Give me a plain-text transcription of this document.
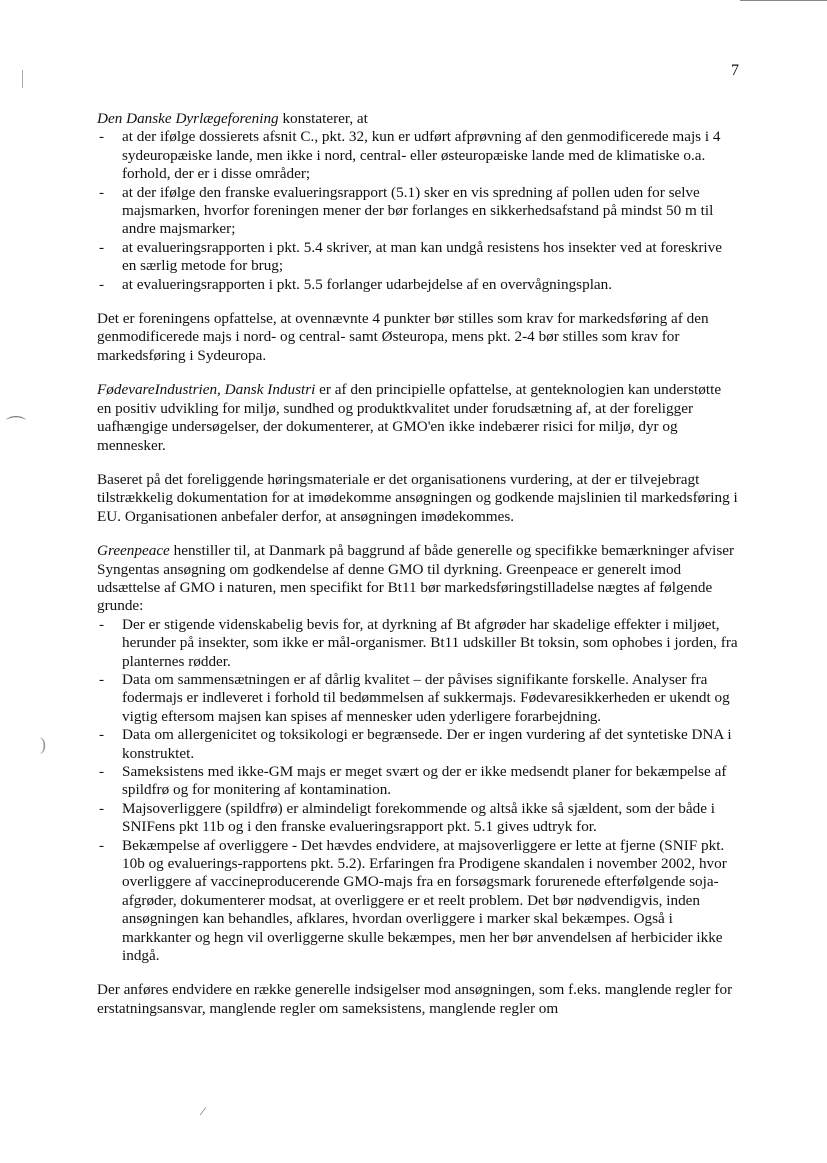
⌒
)
⁄
7

Den Danske Dyrlægeforening konstaterer, at

- at der ifølge dossierets afsnit C., pkt. 32, kun er udført afprøvning af den genmodificerede majs i 4 sydeuropæiske lande, men ikke i nord, central- eller østeuropæiske lande med de klimatiske o.a. forhold, der er i disse områder;
- at der ifølge den franske evalueringsrapport (5.1) sker en vis spredning af pollen uden for selve majsmarken, hvorfor foreningen mener der bør forlanges en sikkerhedsafstand på mindst 50 m til andre majsmarker;
- at evalueringsrapporten i pkt. 5.4 skriver, at man kan undgå resistens hos insekter ved at foreskrive en særlig metode for brug;
- at evalueringsrapporten i pkt. 5.5 forlanger udarbejdelse af en overvågningsplan.

Det er foreningens opfattelse, at ovennævnte 4 punkter bør stilles som krav for markedsføring af den genmodificerede majs i nord- og central- samt Østeuropa, mens pkt. 2-4 bør stilles som krav for markedsføring i Sydeuropa.

FødevareIndustrien, Dansk Industri er af den principielle opfattelse, at genteknologien kan understøtte en positiv udvikling for miljø, sundhed og produktkvalitet under forudsætning af, at der foreligger uafhængige undersøgelser, der dokumenterer, at GMO'en ikke indebærer risici for miljø, dyr og mennesker.

Baseret på det foreliggende høringsmateriale er det organisationens vurdering, at der er tilvejebragt tilstrækkelig dokumentation for at imødekomme ansøgningen og godkende majslinien til markedsføring i EU. Organisationen anbefaler derfor, at ansøgningen imødekommes.

Greenpeace henstiller til, at Danmark på baggrund af både generelle og specifikke bemærkninger afviser Syngentas ansøgning om godkendelse af denne GMO til dyrkning. Greenpeace er generelt imod udsættelse af GMO i naturen, men specifikt for Bt11 bør markedsføringstilladelse nægtes af følgende grunde:

- Der er stigende videnskabelig bevis for, at dyrkning af Bt afgrøder har skadelige effekter i miljøet, herunder på insekter, som ikke er mål-organismer. Bt11 udskiller Bt toksin, som ophobes i jorden, fra planternes rødder.
- Data om sammensætningen er af dårlig kvalitet – der påvises signifikante forskelle. Analyser fra fodermajs er indleveret i forhold til bedømmelsen af sukkermajs. Fødevaresikkerheden er ukendt og vigtig eftersom majsen kan spises af mennesker uden yderligere forarbejdning.
- Data om allergenicitet og toksikologi er begrænsede. Der er ingen vurdering af det syntetiske DNA i konstruktet.
- Sameksistens med ikke-GM majs er meget svært og der er ikke medsendt planer for bekæmpelse af spildfrø og for monitering af kontamination.
- Majsoverliggere (spildfrø) er almindeligt forekommende og altså ikke så sjældent, som der både i SNIFens pkt 11b og i den franske evalueringsrapport pkt. 5.1 gives udtryk for.
- Bekæmpelse af overliggere - Det hævdes endvidere, at majsoverliggere er lette at fjerne (SNIF pkt. 10b og evaluerings-rapportens pkt. 5.2). Erfaringen fra Prodigene skandalen i november 2002, hvor overliggere af vaccineproducerende GMO-majs fra en forsøgsmark forurenede efterfølgende soja-afgrøder, dokumenterer modsat, at overliggere er et reelt problem. Det bør nødvendigvis, inden ansøgningen kan behandles, afklares, hvordan overliggere i marker skal bekæmpes. Også i markkanter og hegn vil overliggerne skulle bekæmpes, men her bør anvendelsen af herbicider ikke indgå.

Der anføres endvidere en række generelle indsigelser mod ansøgningen, som f.eks. manglende regler for erstatningsansvar, manglende regler om sameksistens, manglende regler om
